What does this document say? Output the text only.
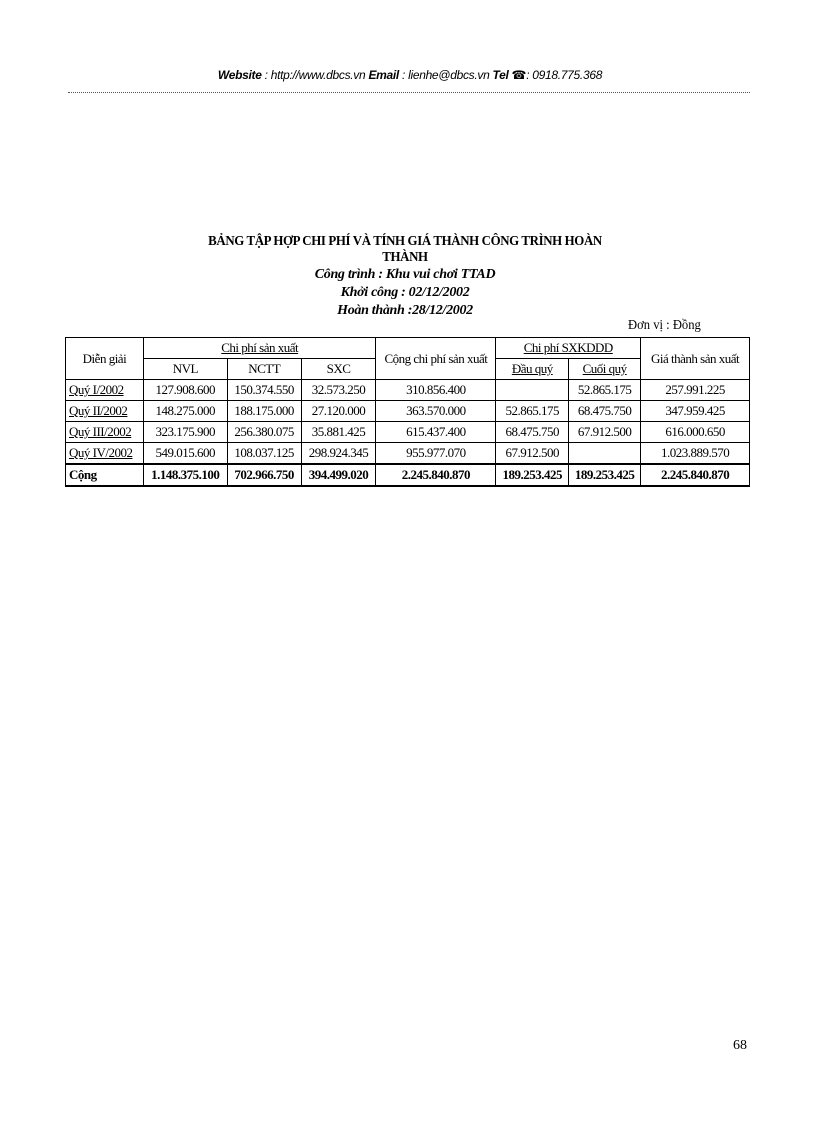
Website : http://www.dbcs.vn Email : lienhe@dbcs.vn Tel ☎: 0918.775.368
BẢNG TẬP HỢP CHI PHÍ VÀ TÍNH GIÁ THÀNH CÔNG TRÌNH HOÀN THÀNH
Công trình : Khu vui chơi TTAD
Khởi công : 02/12/2002
Hoàn thành :28/12/2002
Đơn vị : Đồng
Diễn giải	Chi phí sản xuất			Cộng chi phí sản xuất	Chi phí SXKDDD		Giá thành sản xuất
	NVL	NCTT	SXC		Đầu quý	Cuối quý	
Quý I/2002	127.908.600	150.374.550	32.573.250	310.856.400		52.865.175	257.991.225
Quý II/2002	148.275.000	188.175.000	27.120.000	363.570.000	52.865.175	68.475.750	347.959.425
Quý III/2002	323.175.900	256.380.075	35.881.425	615.437.400	68.475.750	67.912.500	616.000.650
Quý IV/2002	549.015.600	108.037.125	298.924.345	955.977.070	67.912.500		1.023.889.570
Cộng	1.148.375.100	702.966.750	394.499.020	2.245.840.870	189.253.425	189.253.425	2.245.840.870
68
